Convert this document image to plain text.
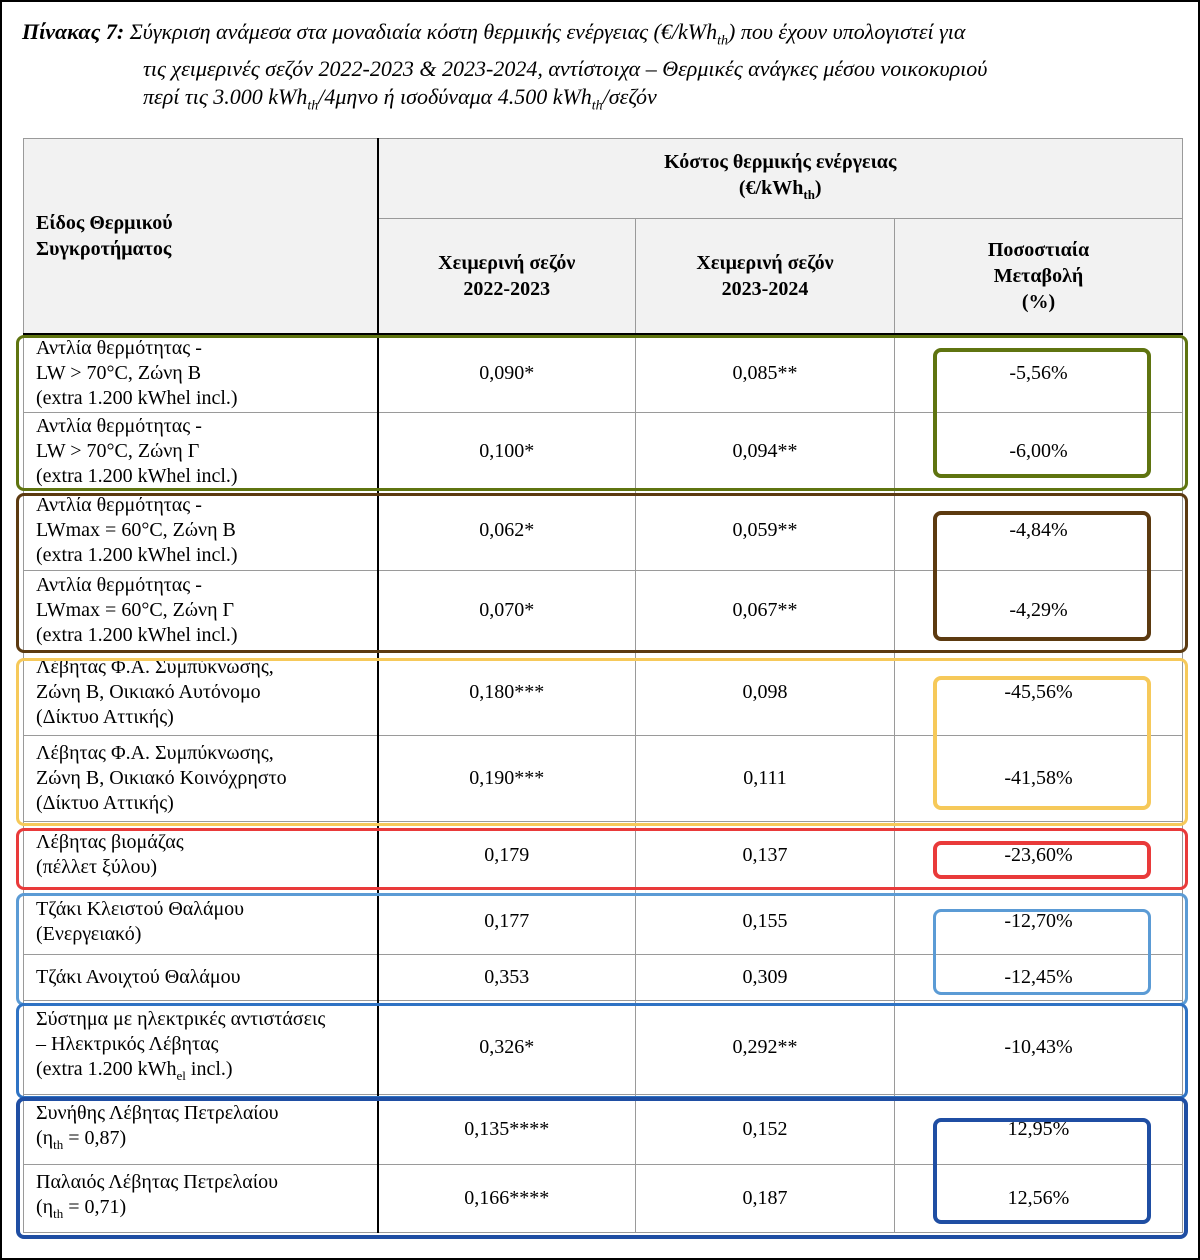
Πίνακας 7: Σύγκριση ανάμεσα στα μοναδιαία κόστη θερμικής ενέργειας (€/kWh$_{th}$) που έχουν υπολογιστεί για
τις χειμερινές σεζόν 2022-2023 & 2023-2024, αντίστοιχα – Θερμικές ανάγκες μέσου νοικοκυριού
περί τις 3.000 kWh$_{th}$/4μηνο ή ισοδύναμα 4.500 kWh$_{th}$/σεζόν
Είδος Θερμικού
Συγκροτήματος	Κόστος θερμικής ενέργειας
(€/kWh$_{th}$)		
	Χειμερινή σεζόν
2022-2023	Χειμερινή σεζόν
2023-2024	Ποσοστιαία
Μεταβολή
(%)
Αντλία θερμότητας -
LW > 70°C, Ζώνη Β
(extra 1.200 kWhel incl.)	0,090*	0,085**	-5,56%
Αντλία θερμότητας -
LW > 70°C, Ζώνη Γ
(extra 1.200 kWhel incl.)	0,100*	0,094**	-6,00%
Αντλία θερμότητας -
LWmax = 60°C, Ζώνη Β
(extra 1.200 kWhel incl.)	0,062*	0,059**	-4,84%
Αντλία θερμότητας -
LWmax = 60°C, Ζώνη Γ
(extra 1.200 kWhel incl.)	0,070*	0,067**	-4,29%
Λέβητας Φ.Α. Συμπύκνωσης,
Ζώνη Β, Οικιακό Αυτόνομο
(Δίκτυο Αττικής)	0,180***	0,098	-45,56%
Λέβητας Φ.Α. Συμπύκνωσης,
Ζώνη Β, Οικιακό Κοινόχρηστο
(Δίκτυο Αττικής)	0,190***	0,111	-41,58%
Λέβητας βιομάζας
(πέλλετ ξύλου)	0,179	0,137	-23,60%
Τζάκι Κλειστού Θαλάμου
(Ενεργειακό)	0,177	0,155	-12,70%
Τζάκι Ανοιχτού Θαλάμου	0,353	0,309	-12,45%
Σύστημα με ηλεκτρικές αντιστάσεις
– Ηλεκτρικός Λέβητας
(extra 1.200 kWh$_{el}$ incl.)	0,326*	0,292**	-10,43%
Συνήθης Λέβητας Πετρελαίου
$(\eta_{th} = 0,87)$	0,135****	0,152	12,95%
Παλαιός Λέβητας Πετρελαίου
$(\eta_{th} = 0,71)$	0,166****	0,187	12,56%
